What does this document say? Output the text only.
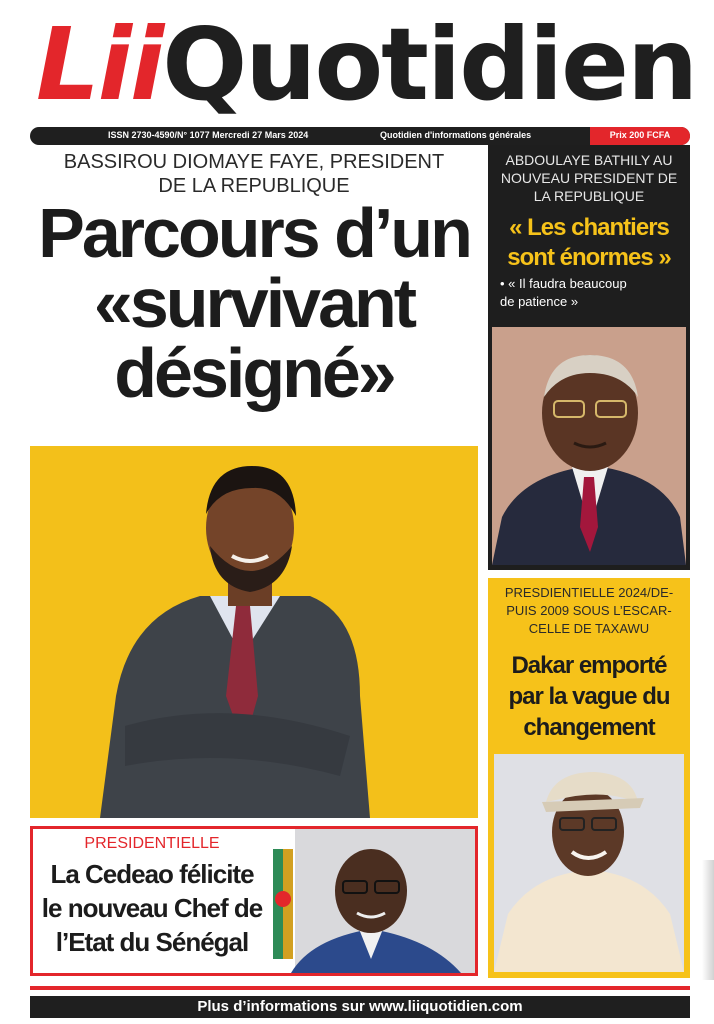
LiiQuotidien
ISSN 2730-4590/N° 1077 Mercredi 27 Mars 2024	Quotidien d'informations générales	Prix 200 FCFA
BASSIROU DIOMAYE FAYE, PRESIDENT
DE LA REPUBLIQUE
Parcours d’un
«survivant
désigné»
PRESIDENTIELLE
La Cedeao félicite
le nouveau Chef de
l’Etat du Sénégal
ABDOULAYE BATHILY AU
NOUVEAU PRESIDENT DE
LA REPUBLIQUE
« Les chantiers
sont énormes »
• « Il faudra beaucoup
de patience »
PRESDIENTIELLE 2024/DE-
PUIS 2009 SOUS L’ESCAR-
CELLE DE TAXAWU
Dakar emporté
par la vague du
changement
Plus d’informations sur www.liiquotidien.com
